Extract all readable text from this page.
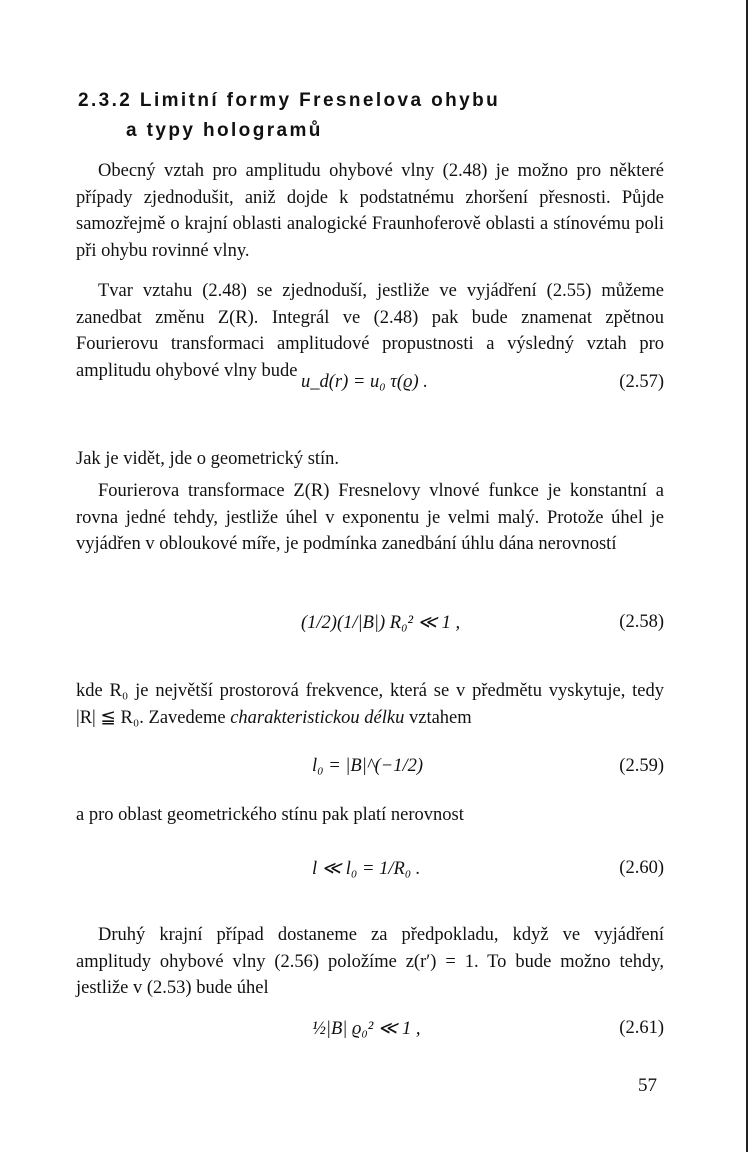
2.3.2 Limitní formy Fresnelova ohybu
a typy hologramů

Obecný vztah pro amplitudu ohybové vlny (2.48) je možno pro některé případy zjednodušit, aniž dojde k podstatnému zhoršení přesnosti. Půjde samozřejmě o krajní oblasti analogické Fraunhoferově oblasti a stínovému poli při ohybu rovinné vlny.

Tvar vztahu (2.48) se zjednoduší, jestliže ve vyjádření (2.55) můžeme zanedbat změnu Z(R). Integrál ve (2.48) pak bude znamenat zpětnou Fourierovu transformaci amplitudové propustnosti a výsledný vztah pro amplitudu ohybové vlny bude

u_d(r) = u₀ τ(ϱ) .	(2.57)

Jak je vidět, jde o geometrický stín.

Fourierova transformace Z(R) Fresnelovy vlnové funkce je konstantní a rovna jedné tehdy, jestliže úhel v exponentu je velmi malý. Protože úhel je vyjádřen v obloukové míře, je podmínka zanedbání úhlu dána nerovností

(1/2)(1/|B|) R₀² ≪ 1 ,	(2.58)

kde R₀ je největší prostorová frekvence, která se v předmětu vyskytuje, tedy |R| ≦ R₀. Zavedeme charakteristickou délku vztahem

l₀ = |B|^(−1/2)	(2.59)

a pro oblast geometrického stínu pak platí nerovnost

l ≪ l₀ = 1/R₀ .	(2.60)

Druhý krajní případ dostaneme za předpokladu, když ve vyjádření amplitudy ohybové vlny (2.56) položíme z(r′) = 1. To bude možno tehdy, jestliže v (2.53) bude úhel

½|B| ϱ₀² ≪ 1 ,	(2.61)
57
